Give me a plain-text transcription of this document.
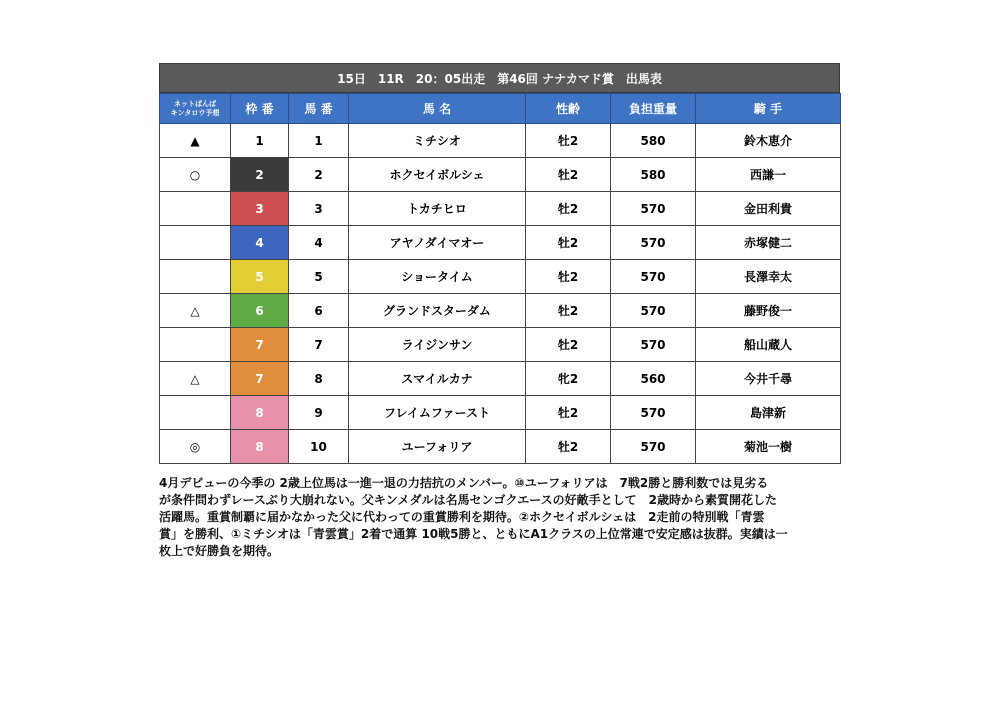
15日　11R　20：05出走　第46回 ナナカマド賞　出馬表
ネットばんば
キンタロウ予想	枠 番	馬 番	馬 名	性齢	負担重量	騎 手
▲	1	1	ミチシオ	牡2	580	鈴木恵介
○	2	2	ホクセイボルシェ	牡2	580	西謙一
	3	3	トカチヒロ	牡2	570	金田利貴
	4	4	アヤノダイマオー	牡2	570	赤塚健二
	5	5	ショータイム	牡2	570	長澤幸太
△	6	6	グランドスターダム	牡2	570	藤野俊一
	7	7	ライジンサン	牡2	570	船山蔵人
△	7	8	スマイルカナ	牝2	560	今井千尋
	8	9	フレイムファースト	牡2	570	島津新
◎	8	10	ユーフォリア	牡2	570	菊池一樹
4月デビューの今季の 2歳上位馬は一進一退の力拮抗のメンバー。⑩ユーフォリアは　7戦2勝と勝利数では見劣る
が条件問わずレースぶり大崩れない。父キンメダルは名馬センゴクエースの好敵手として　2歳時から素質開花した
活躍馬。重賞制覇に届かなかった父に代わっての重賞勝利を期待。②ホクセイボルシェは　2走前の特別戦「青雲
賞」を勝利、①ミチシオは「青雲賞」2着で通算 10戦5勝と、ともにA1クラスの上位常連で安定感は抜群。実績は一
枚上で好勝負を期待。
